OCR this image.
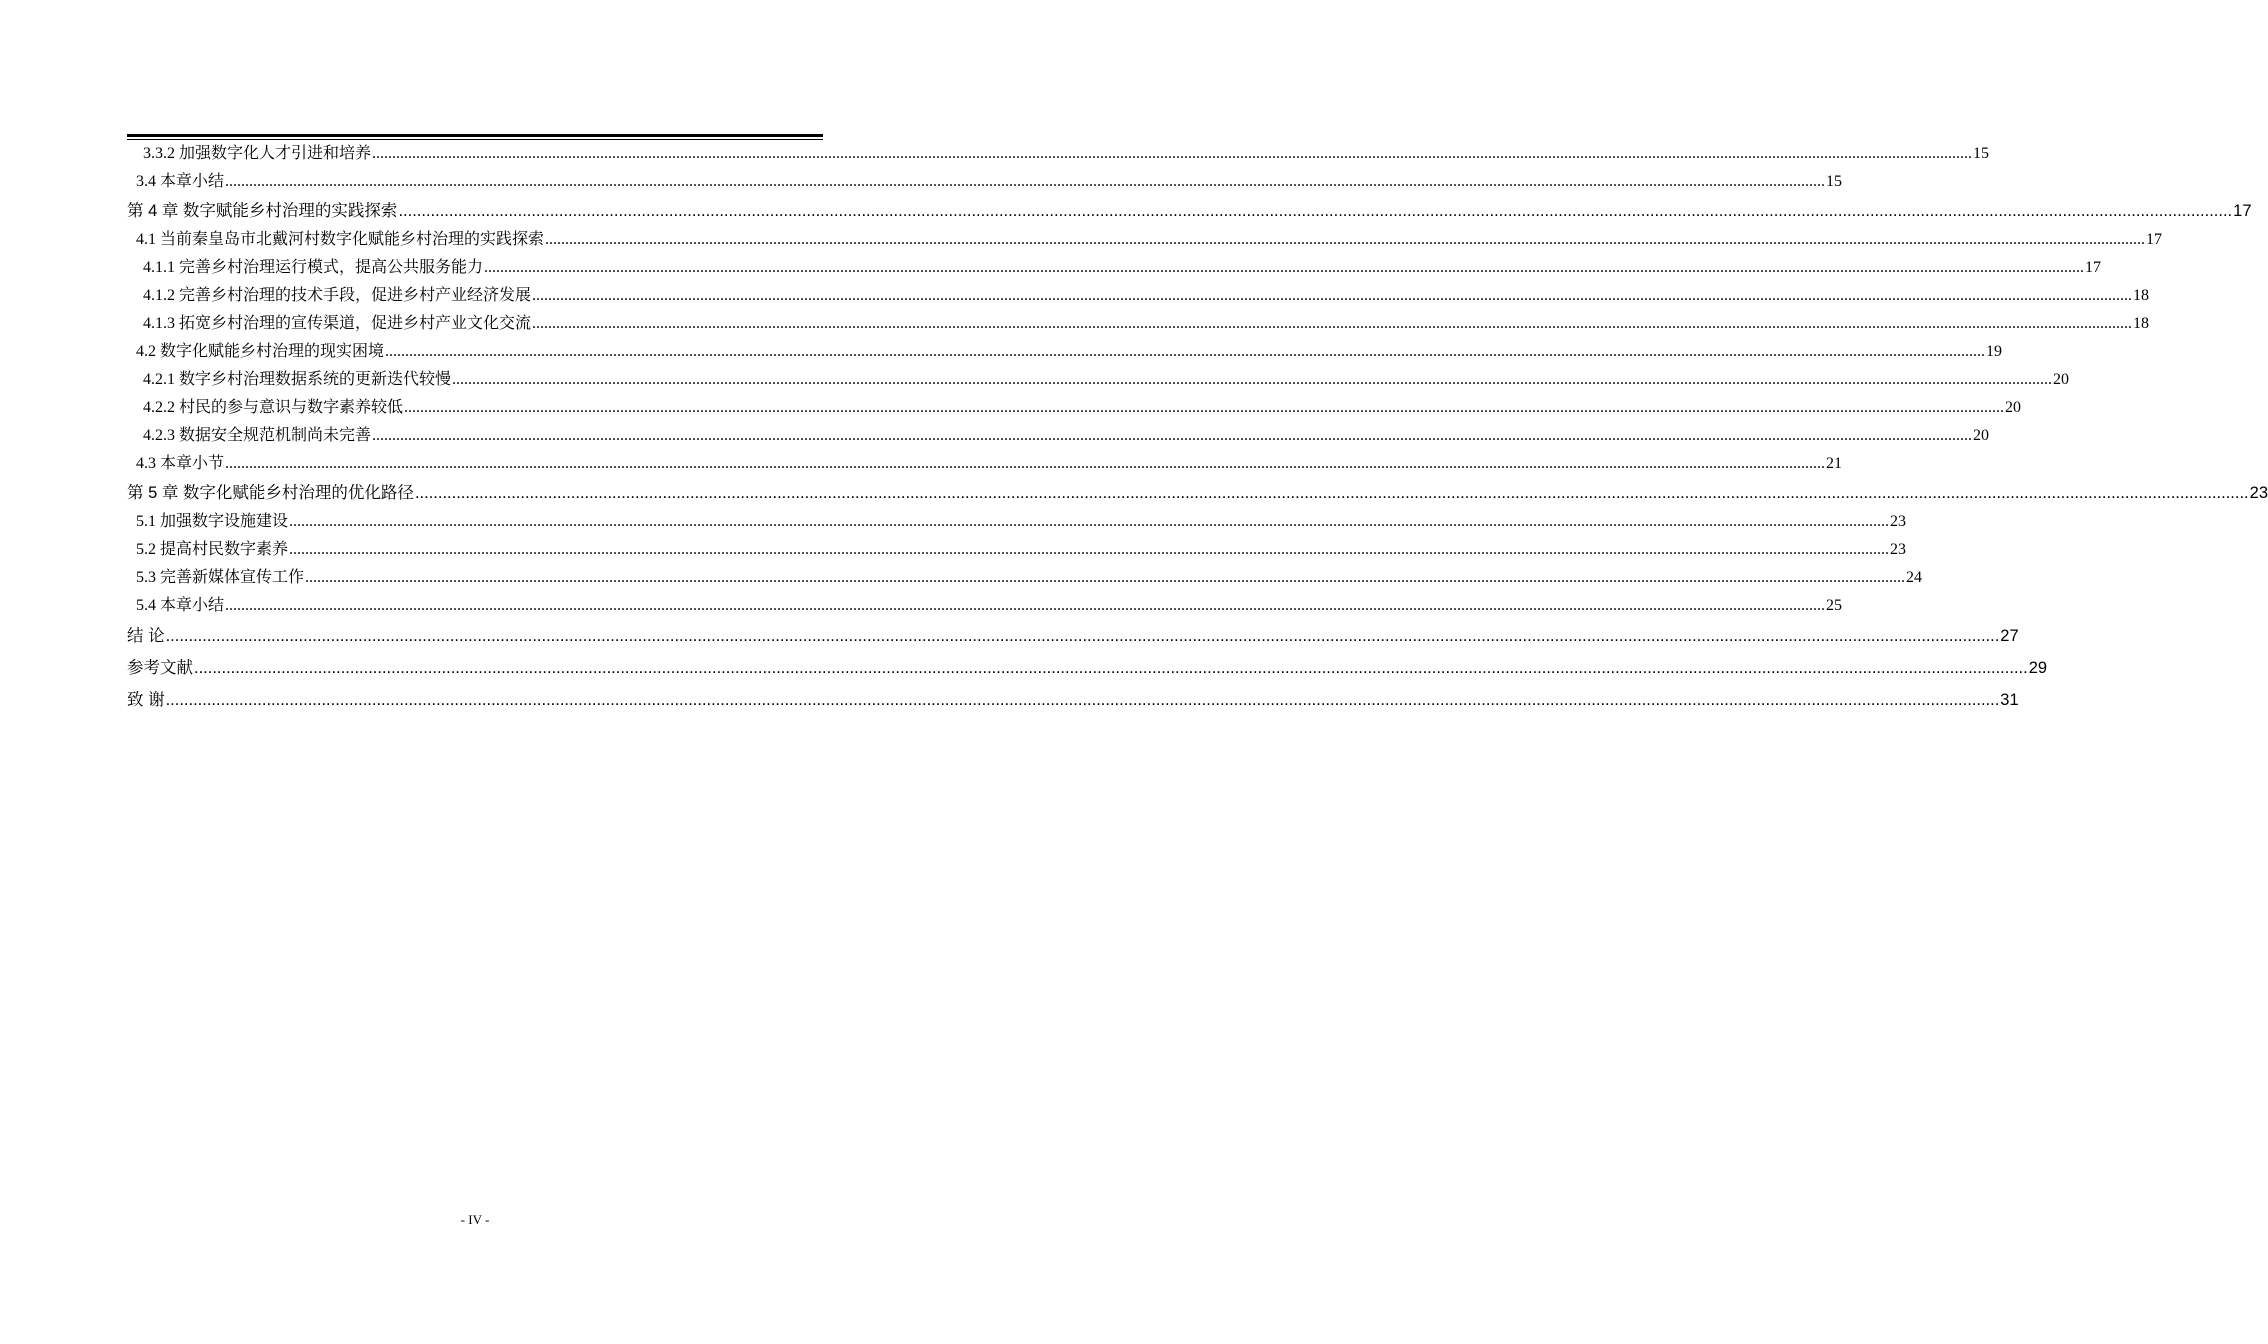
3.3.2 加强数字化人才引进和培养 ................................................................................................................................................................................................................................................................................................................................................................................................................ 15
3.4 本章小结 ................................................................................................................................................................................................................................................................................................................................................................................................................ 15
第 4 章 数字赋能乡村治理的实践探索 ................................................................................................................................................................................................................................................................................................................................................................................................................ 17
4.1 当前秦皇岛市北戴河村数字化赋能乡村治理的实践探索 ................................................................................................................................................................................................................................................................................................................................................................................................................ 17
4.1.1 完善乡村治理运行模式，提高公共服务能力 ................................................................................................................................................................................................................................................................................................................................................................................................................ 17
4.1.2 完善乡村治理的技术手段，促进乡村产业经济发展 ................................................................................................................................................................................................................................................................................................................................................................................................................ 18
4.1.3 拓宽乡村治理的宣传渠道，促进乡村产业文化交流 ................................................................................................................................................................................................................................................................................................................................................................................................................ 18
4.2 数字化赋能乡村治理的现实困境 ................................................................................................................................................................................................................................................................................................................................................................................................................ 19
4.2.1 数字乡村治理数据系统的更新迭代较慢 ................................................................................................................................................................................................................................................................................................................................................................................................................ 20
4.2.2 村民的参与意识与数字素养较低 ................................................................................................................................................................................................................................................................................................................................................................................................................ 20
4.2.3 数据安全规范机制尚未完善 ................................................................................................................................................................................................................................................................................................................................................................................................................ 20
4.3 本章小节 ................................................................................................................................................................................................................................................................................................................................................................................................................ 21
第 5 章 数字化赋能乡村治理的优化路径 ................................................................................................................................................................................................................................................................................................................................................................................................................ 23
5.1 加强数字设施建设 ................................................................................................................................................................................................................................................................................................................................................................................................................ 23
5.2 提高村民数字素养 ................................................................................................................................................................................................................................................................................................................................................................................................................ 23
5.3 完善新媒体宣传工作 ................................................................................................................................................................................................................................................................................................................................................................................................................ 24
5.4 本章小结 ................................................................................................................................................................................................................................................................................................................................................................................................................ 25
结 论 ................................................................................................................................................................................................................................................................................................................................................................................................................ 27
参考文献 ................................................................................................................................................................................................................................................................................................................................................................................................................ 29
致 谢 ................................................................................................................................................................................................................................................................................................................................................................................................................ 31
- IV -
